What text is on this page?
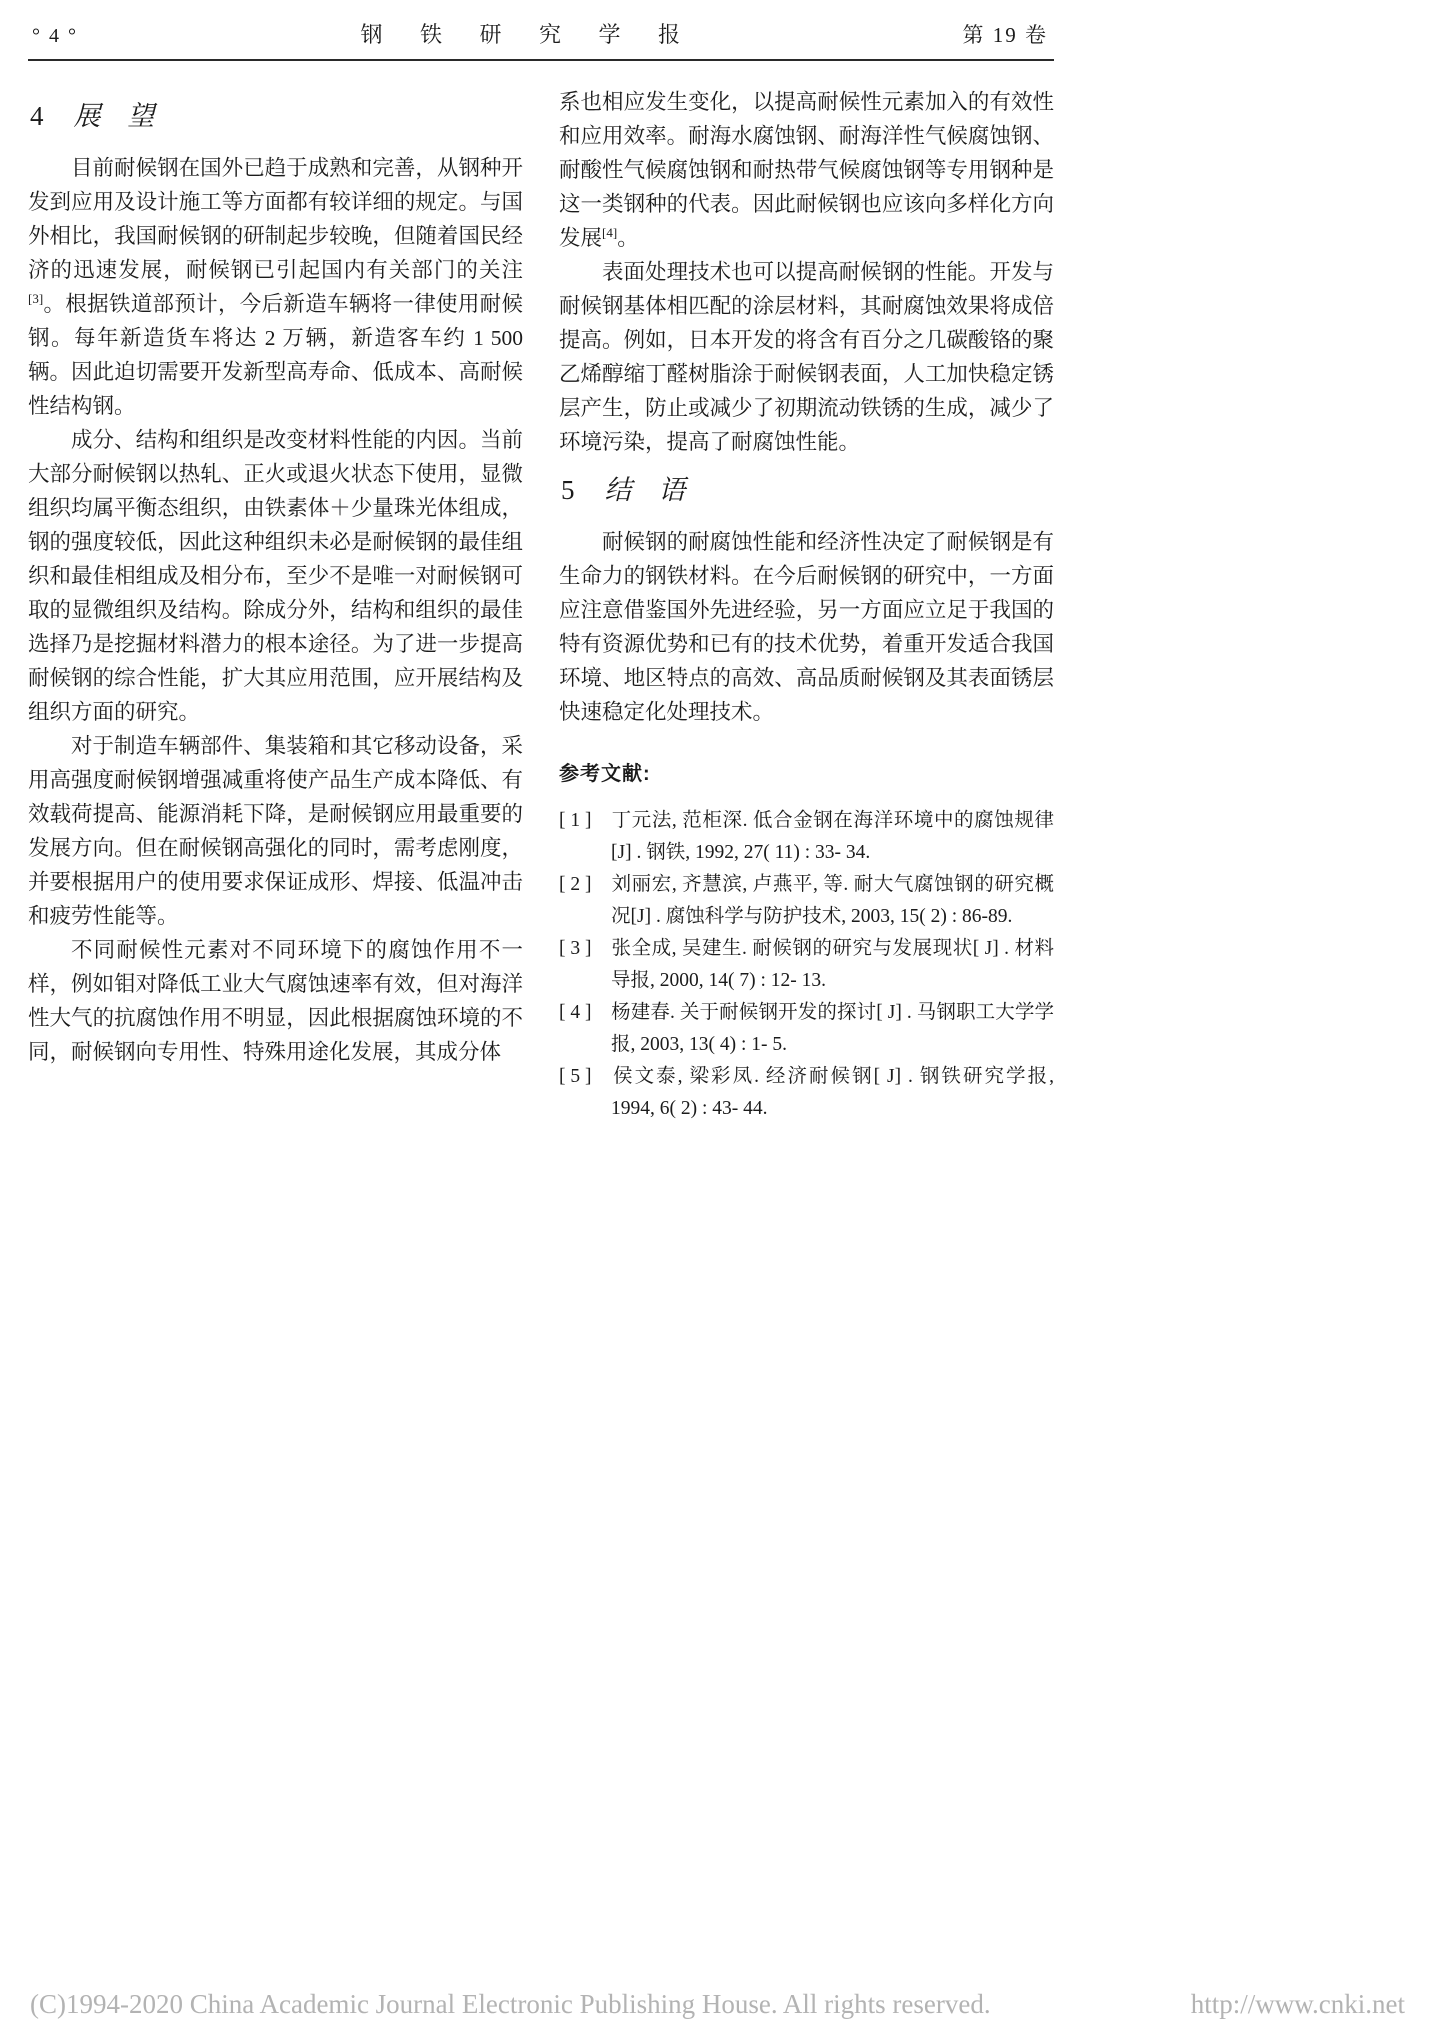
° 4 °	钢 铁 研 究 学 报	第 19 卷
4 展 望

目前耐候钢在国外已趋于成熟和完善，从钢种开发到应用及设计施工等方面都有较详细的规定。与国外相比，我国耐候钢的研制起步较晚，但随着国民经济的迅速发展，耐候钢已引起国内有关部门的关注[3]。根据铁道部预计，今后新造车辆将一律使用耐候钢。每年新造货车将达 2 万辆，新造客车约 1 500 辆。因此迫切需要开发新型高寿命、低成本、高耐候性结构钢。

成分、结构和组织是改变材料性能的内因。当前大部分耐候钢以热轧、正火或退火状态下使用，显微组织均属平衡态组织，由铁素体＋少量珠光体组成，钢的强度较低，因此这种组织未必是耐候钢的最佳组织和最佳相组成及相分布，至少不是唯一对耐候钢可取的显微组织及结构。除成分外，结构和组织的最佳选择乃是挖掘材料潜力的根本途径。为了进一步提高耐候钢的综合性能，扩大其应用范围，应开展结构及组织方面的研究。

对于制造车辆部件、集装箱和其它移动设备，采用高强度耐候钢增强减重将使产品生产成本降低、有效载荷提高、能源消耗下降，是耐候钢应用最重要的发展方向。但在耐候钢高强化的同时，需考虑刚度，并要根据用户的使用要求保证成形、焊接、低温冲击和疲劳性能等。

不同耐候性元素对不同环境下的腐蚀作用不一样，例如钼对降低工业大气腐蚀速率有效，但对海洋性大气的抗腐蚀作用不明显，因此根据腐蚀环境的不同，耐候钢向专用性、特殊用途化发展，其成分体

系也相应发生变化，以提高耐候性元素加入的有效性和应用效率。耐海水腐蚀钢、耐海洋性气候腐蚀钢、耐酸性气候腐蚀钢和耐热带气候腐蚀钢等专用钢种是这一类钢种的代表。因此耐候钢也应该向多样化方向发展[4]。

表面处理技术也可以提高耐候钢的性能。开发与耐候钢基体相匹配的涂层材料，其耐腐蚀效果将成倍提高。例如，日本开发的将含有百分之几碳酸铬的聚乙烯醇缩丁醛树脂涂于耐候钢表面，人工加快稳定锈层产生，防止或减少了初期流动铁锈的生成，减少了环境污染，提高了耐腐蚀性能。

5 结 语

耐候钢的耐腐蚀性能和经济性决定了耐候钢是有生命力的钢铁材料。在今后耐候钢的研究中，一方面应注意借鉴国外先进经验，另一方面应立足于我国的特有资源优势和已有的技术优势，着重开发适合我国环境、地区特点的高效、高品质耐候钢及其表面锈层快速稳定化处理技术。

参考文献:
[ 1 ] 丁元法, 范柜深. 低合金钢在海洋环境中的腐蚀规律[J] . 钢铁, 1992, 27( 11) : 33- 34.
[ 2 ] 刘丽宏, 齐慧滨, 卢燕平, 等. 耐大气腐蚀钢的研究概况[J] . 腐蚀科学与防护技术, 2003, 15( 2) : 86-89.
[ 3 ] 张全成, 吴建生. 耐候钢的研究与发展现状[ J] . 材料导报, 2000, 14( 7) : 12- 13.
[ 4 ] 杨建春. 关于耐候钢开发的探讨[ J] . 马钢职工大学学报, 2003, 13( 4) : 1- 5.
[ 5 ] 侯文泰, 梁彩凤. 经济耐候钢[ J] . 钢铁研究学报, 1994, 6( 2) : 43- 44.
(C)1994-2020 China Academic Journal Electronic Publishing House. All rights reserved.	http://www.cnki.net
